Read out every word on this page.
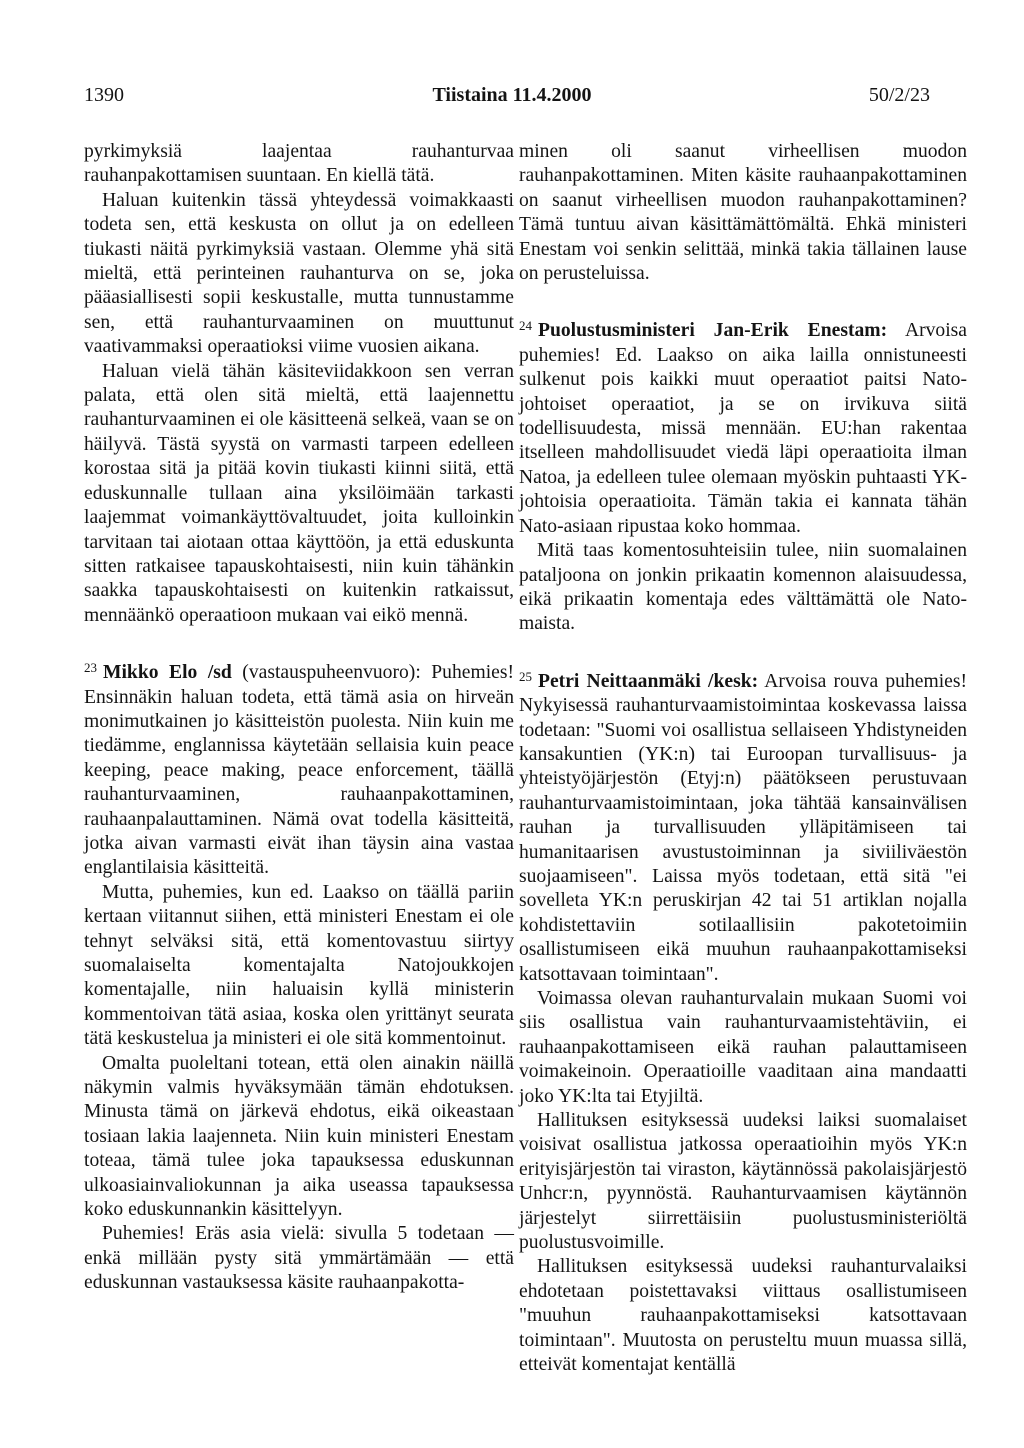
1390	Tiistaina 11.4.2000	50/2/23

pyrkimyksiä laajentaa rauhanturvaa rauhanpakottamisen suuntaan. En kiellä tätä.

Haluan kuitenkin tässä yhteydessä voimakkaasti todeta sen, että keskusta on ollut ja on edelleen tiukasti näitä pyrkimyksiä vastaan. Olemme yhä sitä mieltä, että perinteinen rauhanturva on se, joka pääasiallisesti sopii keskustalle, mutta tunnustamme sen, että rauhanturvaaminen on muuttunut vaativammaksi operaatioksi viime vuosien aikana.

Haluan vielä tähän käsiteviidakkoon sen verran palata, että olen sitä mieltä, että laajennettu rauhanturvaaminen ei ole käsitteenä selkeä, vaan se on häilyvä. Tästä syystä on varmasti tarpeen edelleen korostaa sitä ja pitää kovin tiukasti kiinni siitä, että eduskunnalle tullaan aina yksilöimään tarkasti laajemmat voimankäyttövaltuudet, joita kulloinkin tarvitaan tai aiotaan ottaa käyttöön, ja että eduskunta sitten ratkaisee tapauskohtaisesti, niin kuin tähänkin saakka tapauskohtaisesti on kuitenkin ratkaissut, mennäänkö operaatioon mukaan vai eikö mennä.

$^{23}$ Mikko Elo /sd (vastauspuheenvuoro): Puhemies! Ensinnäkin haluan todeta, että tämä asia on hirveän monimutkainen jo käsitteistön puolesta. Niin kuin me tiedämme, englannissa käytetään sellaisia kuin peace keeping, peace making, peace enforcement, täällä rauhanturvaaminen, rauhaanpakottaminen, rauhaanpalauttaminen. Nämä ovat todella käsitteitä, jotka aivan varmasti eivät ihan täysin aina vastaa englantilaisia käsitteitä.

Mutta, puhemies, kun ed. Laakso on täällä pariin kertaan viitannut siihen, että ministeri Enestam ei ole tehnyt selväksi sitä, että komentovastuu siirtyy suomalaiselta komentajalta Natojoukkojen komentajalle, niin haluaisin kyllä ministerin kommentoivan tätä asiaa, koska olen yrittänyt seurata tätä keskustelua ja ministeri ei ole sitä kommentoinut.

Omalta puoleltani totean, että olen ainakin näillä näkymin valmis hyväksymään tämän ehdotuksen. Minusta tämä on järkevä ehdotus, eikä oikeastaan tosiaan lakia laajenneta. Niin kuin ministeri Enestam toteaa, tämä tulee joka tapauksessa eduskunnan ulkoasiainvaliokunnan ja aika useassa tapauksessa koko eduskunnankin käsittelyyn.

Puhemies! Eräs asia vielä: sivulla 5 todetaan — enkä millään pysty sitä ymmärtämään — että eduskunnan vastauksessa käsite rauhaanpakotta-

minen oli saanut virheellisen muodon rauhanpakottaminen. Miten käsite rauhaanpakottaminen on saanut virheellisen muodon rauhanpakottaminen? Tämä tuntuu aivan käsittämättömältä. Ehkä ministeri Enestam voi senkin selittää, minkä takia tällainen lause on perusteluissa.

$^{24}$ Puolustusministeri Jan-Erik Enestam: Arvoisa puhemies! Ed. Laakso on aika lailla onnistuneesti sulkenut pois kaikki muut operaatiot paitsi Nato-johtoiset operaatiot, ja se on irvikuva siitä todellisuudesta, missä mennään. EU:han rakentaa itselleen mahdollisuudet viedä läpi operaatioita ilman Natoa, ja edelleen tulee olemaan myöskin puhtaasti YK-johtoisia operaatioita. Tämän takia ei kannata tähän Nato-asiaan ripustaa koko hommaa.

Mitä taas komentosuhteisiin tulee, niin suomalainen pataljoona on jonkin prikaatin komennon alaisuudessa, eikä prikaatin komentaja edes välttämättä ole Nato-maista.

$^{25}$ Petri Neittaanmäki /kesk: Arvoisa rouva puhemies! Nykyisessä rauhanturvaamistoimintaa koskevassa laissa todetaan: "Suomi voi osallistua sellaiseen Yhdistyneiden kansakuntien (YK:n) tai Euroopan turvallisuus- ja yhteistyöjärjestön (Etyj:n) päätökseen perustuvaan rauhanturvaamistoimintaan, joka tähtää kansainvälisen rauhan ja turvallisuuden ylläpitämiseen tai humanitaarisen avustustoiminnan ja siviiliväestön suojaamiseen". Laissa myös todetaan, että sitä "ei sovelleta YK:n peruskirjan 42 tai 51 artiklan nojalla kohdistettaviin sotilaallisiin pakotetoimiin osallistumiseen eikä muuhun rauhaanpakottamiseksi katsottavaan toimintaan".

Voimassa olevan rauhanturvalain mukaan Suomi voi siis osallistua vain rauhanturvaamistehtäviin, ei rauhaanpakottamiseen eikä rauhan palauttamiseen voimakeinoin. Operaatioille vaaditaan aina mandaatti joko YK:lta tai Etyjiltä.

Hallituksen esityksessä uudeksi laiksi suomalaiset voisivat osallistua jatkossa operaatioihin myös YK:n erityisjärjestön tai viraston, käytännössä pakolaisjärjestö Unhcr:n, pyynnöstä. Rauhanturvaamisen käytännön järjestelyt siirrettäisiin puolustusministeriöltä puolustusvoimille.

Hallituksen esityksessä uudeksi rauhanturvalaiksi ehdotetaan poistettavaksi viittaus osallistumiseen "muuhun rauhaanpakottamiseksi katsottavaan toimintaan". Muutosta on perusteltu muun muassa sillä, etteivät komentajat kentällä
